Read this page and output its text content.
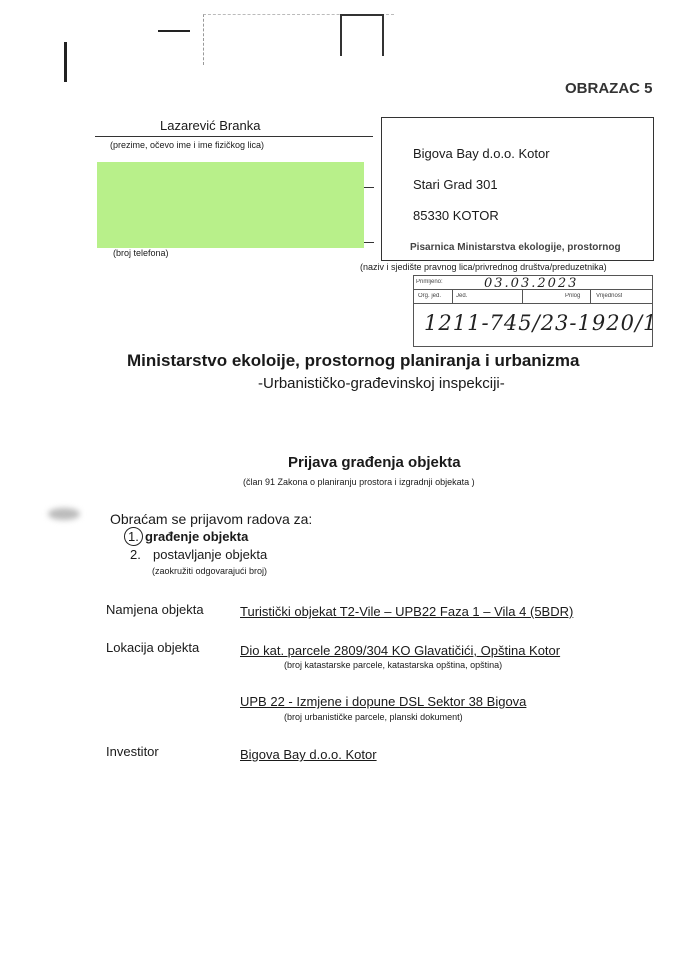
OBRAZAC 5
Lazarević Branka
(prezime, očevo ime i ime fizičkog lica)
(broj telefona)
Bigova Bay d.o.o. Kotor
Stari Grad 301
85330 KOTOR
Pisarnica Ministarstva ekologije, prostornog
(naziv i sjedište pravnog lica/privrednog društva/preduzetnika)
Primljeno:	03.03.2023
Org. jed. Jed.	Prilog	Vrijednost
1211-745/23-1920/1
Ministarstvo ekoloije, prostornog planiranja i urbanizma
-Urbanističko-građevinskoj inspekciji-
Prijava građenja objekta
(član 91 Zakona o planiranju prostora i izgradnji objekata )
Obraćam se prijavom radova za:
1. građenje objekta
2. postavljanje objekta
(zaokružiti odgovarajući broj)
Namjena objekta	Turistički objekat T2-Vile – UPB22 Faza 1 – Vila 4 (5BDR)
Lokacija objekta	Dio kat. parcele 2809/304 KO Glavatičići, Opština Kotor
(broj katastarske parcele, katastarska opština, opština)
UPB 22 - Izmjene i dopune DSL Sektor 38 Bigova
(broj urbanističke parcele, planski dokument)
Investitor	Bigova Bay d.o.o. Kotor
